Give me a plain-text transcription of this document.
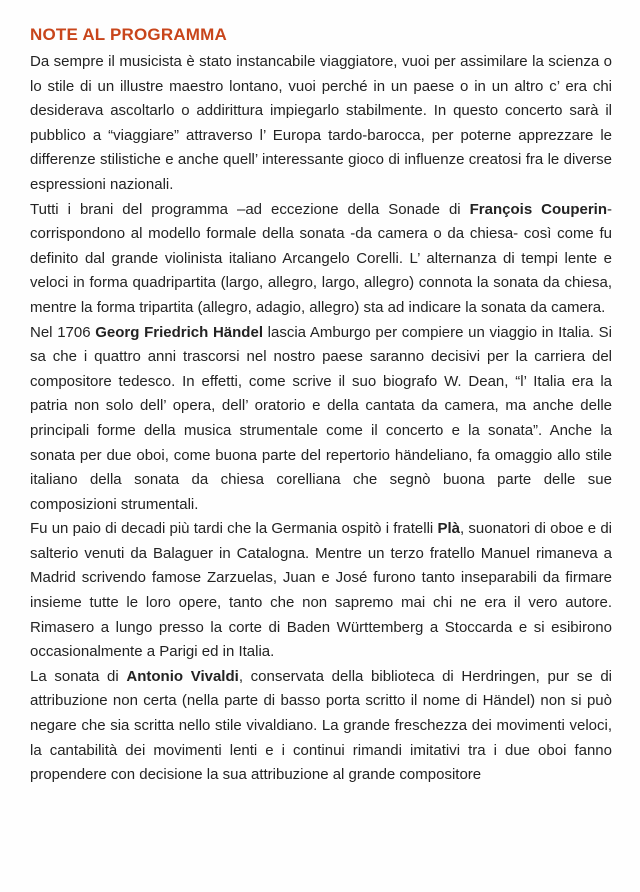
NOTE AL PROGRAMMA

Da sempre il musicista è stato instancabile viaggiatore, vuoi per assimilare la scienza o lo stile di un illustre maestro lontano, vuoi perché in un paese o in un altro c’ era chi desiderava ascoltarlo o addirittura impiegarlo stabilmente. In questo concerto sarà il pubblico a “viaggiare” attraverso l’ Europa tardo-barocca, per poterne apprezzare le differenze stilistiche e anche quell’ interessante gioco di influenze creatosi fra le diverse espressioni nazionali.

Tutti i brani del programma –ad eccezione della Sonade di François Couperin- corrispondono al modello formale della sonata -da camera o da chiesa- così come fu definito dal grande violinista italiano Arcangelo Corelli. L’ alternanza di tempi lente e veloci in forma quadripartita (largo, allegro, largo, allegro) connota la sonata da chiesa, mentre la forma tripartita (allegro, adagio, allegro) sta ad indicare la sonata da camera.

Nel 1706 Georg Friedrich Händel lascia Amburgo per compiere un viaggio in Italia. Si sa che i quattro anni trascorsi nel nostro paese saranno decisivi per la carriera del compositore tedesco. In effetti, come scrive il suo biografo W. Dean, “l’ Italia era la patria non solo dell’ opera, dell’ oratorio e della cantata da camera, ma anche delle principali forme della musica strumentale come il concerto e la sonata”. Anche la sonata per due oboi, come buona parte del repertorio händeliano, fa omaggio allo stile italiano della sonata da chiesa corelliana che segnò buona parte delle sue composizioni strumentali.

Fu un paio di decadi più tardi che la Germania ospitò i fratelli Plà, suonatori di oboe e di salterio venuti da Balaguer in Catalogna. Mentre un terzo fratello Manuel rimaneva a Madrid scrivendo famose Zarzuelas, Juan e José furono tanto inseparabili da firmare insieme tutte le loro opere, tanto che non sapremo mai chi ne era il vero autore. Rimasero a lungo presso la corte di Baden Württemberg a Stoccarda e si esibirono occasionalmente a Parigi ed in Italia.

La sonata di Antonio Vivaldi, conservata della biblioteca di Herdringen, pur se di attribuzione non certa (nella parte di basso porta scritto il nome di Händel) non si può negare che sia scritta nello stile vivaldiano. La grande freschezza dei movimenti veloci, la cantabilità dei movimenti lenti e i continui rimandi imitativi tra i due oboi fanno propendere con decisione la sua attribuzione al grande compositore
